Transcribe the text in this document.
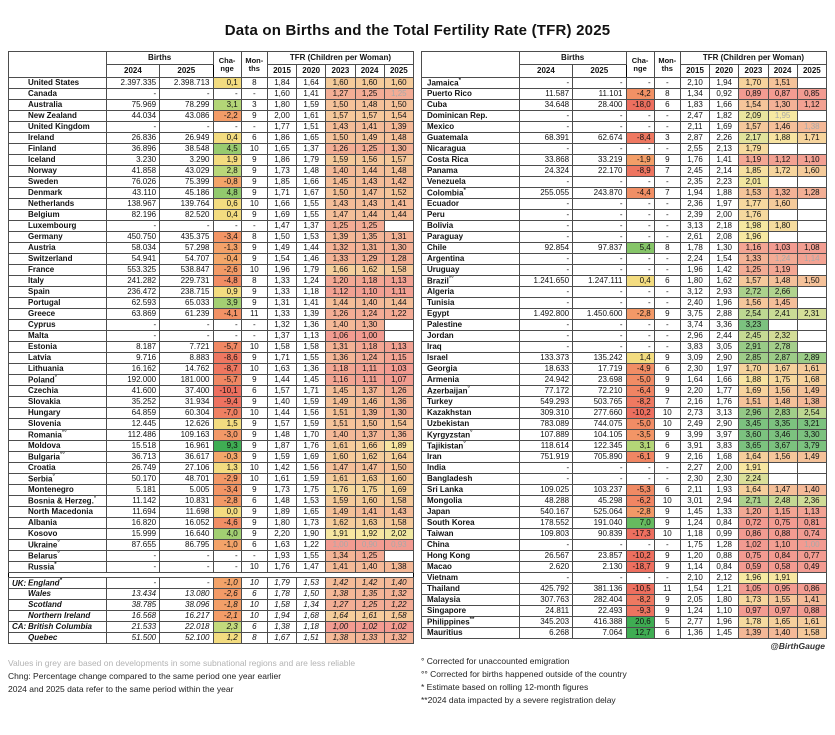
Data on Births and the Total Fertility Rate (TFR) 2025
	Births	Cha-
nge

Mon-
ths
	TFR (Children per Woman)
	2024	2025			2015	2020	2023	2024	2025
United States	2.397.335	2.398.713	0,1	8	1,84	1,64	1,60	1,60	1,60
Canada	-	-	-	-	1,60	1,41	1,27	1,25	1,25
Australia	75.969	78.299	3,1	3	1,80	1,59	1,50	1,48	1,50
New Zealand	44.034	43.086	-2,2	9	2,00	1,61	1,57	1,57	1,54
United Kingdom	-	-	-	-	1,77	1,51	1,43	1,41	1,39
Ireland	26.836	26.949	0,4	6	1,86	1,65	1,50	1,49	1,48
Finland	36.896	38.548	4,5	10	1,65	1,37	1,26	1,25	1,30
Iceland	3.230	3.290	1,9	9	1,86	1,79	1,59	1,56	1,57
Norway	41.858	43.029	2,8	9	1,73	1,48	1,40	1,44	1,48
Sweden	76.026	75.399	-0,8	9	1,85	1,66	1,45	1,43	1,42
Denmark	43.110	45.186	4,8	9	1,71	1,67	1,50	1,47	1,52
Netherlands	138.967	139.764	0,6	10	1,66	1,55	1,43	1,43	1,41
Belgium	82.196	82.520	0,4	9	1,69	1,55	1,47	1,44	1,44
Luxembourg	-	-	-	-	1,47	1,37	1,25	1,25	
Germany	450.750	435.375	-3,4	8	1,50	1,53	1,39	1,35	1,31
Austria	58.034	57.298	-1,3	9	1,49	1,44	1,32	1,31	1,30
Switzerland	54.941	54.707	-0,4	9	1,54	1,46	1,33	1,29	1,28
France	553.325	538.847	-2,6	10	1,96	1,79	1,66	1,62	1,58
Italy	241.282	229.731	-4,8	8	1,33	1,24	1,20	1,18	1,13
Spain	236.472	238.715	0,9	9	1,33	1,18	1,12	1,10	1,11
Portugal	62.593	65.033	3,9	9	1,31	1,41	1,44	1,40	1,44
Greece	63.869	61.239	-4,1	11	1,33	1,39	1,26	1,24	1,22
Cyprus	-	-	-	-	1,32	1,36	1,40	1,30	
Malta	-	-	-	-	1,37	1,13	1,06	1,00	
Estonia	8.187	7.721	-5,7	10	1,58	1,58	1,31	1,18	1,13
Latvia	9.716	8.883	-8,6	9	1,71	1,55	1,36	1,24	1,15
Lithuania	16.162	14.762	-8,7	10	1,63	1,36	1,18	1,11	1,03
Poland°	192.000	181.000	-5,7	9	1,44	1,45	1,16	1,11	1,07
Czechia	41.600	37.400	-10,1	6	1,57	1,71	1,45	1,37	1,26
Slovakia	35.252	31.934	-9,4	9	1,40	1,59	1,49	1,46	1,36
Hungary	64.859	60.304	-7,0	10	1,44	1,56	1,51	1,39	1,30
Slovenia	12.445	12.626	1,5	9	1,57	1,59	1,51	1,50	1,54
Romania°°	112.486	109.163	-3,0	9	1,48	1,70	1,40	1,37	1,36
Moldova	15.518	16.961	9,3	9	1,87	1,76	1,61	1,66	1,89
Bulgaria°°	36.713	36.617	-0,3	9	1,59	1,69	1,60	1,62	1,64
Croatia	26.749	27.106	1,3	10	1,42	1,56	1,47	1,47	1,50
Serbia°	50.170	48.701	-2,9	10	1,61	1,59	1,61	1,63	1,60
Montenegro	5.181	5.005	-3,4	9	1,73	1,75	1,76	1,75	1,69
Bosnia & Herzeg.°	11.142	10.831	-2,8	6	1,48	1,53	1,59	1,60	1,58
North Macedonia	11.694	11.698	0,0	9	1,89	1,65	1,49	1,41	1,43
Albania	16.820	16.052	-4,6	9	1,80	1,73	1,62	1,63	1,58
Kosovo	15.999	16.640	4,0	9	2,20	1,90	1,91	1,92	2,02
Ukraine°	87.655	86.795	-1,0	6	1,63	1,22	1,00	0,90	0,93
Belarus°	-	-	-	-	1,93	1,55	1,34	1,25	
Russia*	-	-	-	10	1,76	1,47	1,41	1,40	1,38

UK: England*	-	-	-1,0	10	1,79	1,53	1,42	1,42	1,40
Wales	13.434	13.080	-2,6	6	1,78	1,50	1,38	1,35	1,32
Scotland	38.785	38.096	-1,8	10	1,58	1,34	1,27	1,25	1,22
Northern Ireland	16.568	16.217	-2,1	10	1,94	1,68	1,64	1,61	1,58
CA: British Columbia	21.533	22.018	2,3	6	1,38	1,18	1,00	1,02	1,02
Quebec	51.500	52.100	1,2	8	1,67	1,51	1,38	1,33	1,32
Values in grey are based on developments in some subnational regions and are less reliable
Chng: Percentage change compared to the same period one year earlier
2024 and 2025 data refer to the same period within the year
	Births	Cha-
nge

Mon-
ths
	TFR (Children per Woman)
	2024	2025			2015	2020	2023	2024	2025
Jamaica*	-	-	-	-	2,10	1,94	1,70	1,51	
Puerto Rico	11.587	11.101	-4,2	8	1,34	0,92	0,89	0,87	0,85
Cuba	34.648	28.400	-18,0	6	1,83	1,66	1,54	1,30	1,12
Dominican Rep.	-	-	-	-	2,47	1,82	2,09	1,95	
Mexico	-	-	-	-	2,11	1,69	1,57	1,46	1,38
Guatemala	68.391	62.674	-8,4	3	2,87	2,26	2,17	1,88	1,71
Nicaragua	-	-	-	-	2,55	2,13	1,79		
Costa Rica	33.868	33.219	-1,9	9	1,76	1,41	1,19	1,12	1,10
Panama	24.324	22.170	-8,9	7	2,45	2,14	1,85	1,72	1,60
Venezuela	-	-	-	-	2,35	2,23	2,01		
Colombia*	255.055	243.870	-4,4	7	1,94	1,88	1,53	1,32	1,28
Ecuador	-	-	-	-	2,36	1,97	1,77	1,60	
Peru	-	-	-	-	2,39	2,00	1,76		
Bolivia	-	-	-	-	3,13	2,18	1,98	1,80	
Paraguay	-	-	-	-	2,61	2,08	1,96		
Chile	92.854	97.837	5,4	8	1,78	1,30	1,16	1,03	1,08
Argentina	-	-	-	-	2,24	1,54	1,33	1,24	1,14
Uruguay	-	-	-	-	1,96	1,42	1,25	1,19	
Brazil°°	1.241.650	1.247.111	0,4	6	1,80	1,62	1,57	1,48	1,50
Algeria	-	-	-	-	3,12	2,93	2,72	2,66	
Tunisia	-	-	-	-	2,40	1,96	1,56	1,45	
Egypt	1.492.800	1.450.600	-2,8	9	3,75	2,88	2,54	2,41	2,31
Palestine	-	-	-	-	3,74	3,36	3,23		
Jordan	-	-	-	-	2,96	2,44	2,45	2,32	
Iraq	-	-	-	-	3,83	3,05	2,91	2,78	
Israel	133.373	135.242	1,4	9	3,09	2,90	2,85	2,87	2,89
Georgia	18.633	17.719	-4,9	6	2,30	1,97	1,70	1,67	1,61
Armenia	24.942	23.698	-5,0	9	1,64	1,66	1,88	1,75	1,68
Azerbaijan°	77.172	72.210	-6,4	9	2,20	1,77	1,69	1,56	1,49
Turkey	549.293	503.765	-8,2	7	2,16	1,76	1,51	1,48	1,38
Kazakhstan	309.310	277.660	-10,2	10	2,73	3,13	2,96	2,83	2,54
Uzbekistan	783.089	744.075	-5,0	10	2,49	2,90	3,45	3,35	3,21
Kyrgyzstan°	107.889	104.105	-3,5	9	3,99	3,97	3,60	3,46	3,30
Tajikistan°	118.614	122.345	3,1	6	3,91	3,83	3,65	3,67	3,79
Iran	751.919	705.890	-6,1	9	2,16	1,68	1,64	1,56	1,49
India	-	-	-	-	2,27	2,00	1,91		
Bangladesh	-	-	-	-	2,30	2,30	2,24		
Sri Lanka	109.025	103.237	-5,3	6	2,11	1,93	1,64	1,47	1,40
Mongolia	48.288	45.298	-6,2	10	3,01	2,94	2,71	2,48	2,36
Japan	540.167	525.064	-2,8	9	1,45	1,33	1,20	1,15	1,13
South Korea	178.552	191.040	7,0	9	1,24	0,84	0,72	0,75	0,81
Taiwan	109.803	90.839	-17,3	10	1,18	0,99	0,86	0,88	0,74
China	-	-	-	-	1,75	1,28	1,02	1,10	1,00
Hong Kong	26.567	23.857	-10,2	9	1,20	0,88	0,75	0,84	0,77
Macao	2.620	2.130	-18,7	9	1,14	0,84	0,59	0,58	0,49
Vietnam	-	-	-	-	2,10	2,12	1,96	1,91	
Thailand	425.792	381.136	-10,5	11	1,54	1,21	1,05	0,95	0,86
Malaysia	307.763	282.404	-8,2	9	2,05	1,80	1,73	1,55	1,41
Singapore	24.811	22.493	-9,3	9	1,24	1,10	0,97	0,97	0,88
Philippines**	345.203	416.388	20,6	5	2,77	1,96	1,78	1,65	1,61
Mauritius	6.268	7.064	12,7	6	1,36	1,45	1,39	1,40	1,58
@BirthGauge
° Corrected for unaccounted emigration
°° Corrected for births happened outside of the country
* Estimate based on rolling 12-month figures
**2024 data impacted by a severe registration delay
